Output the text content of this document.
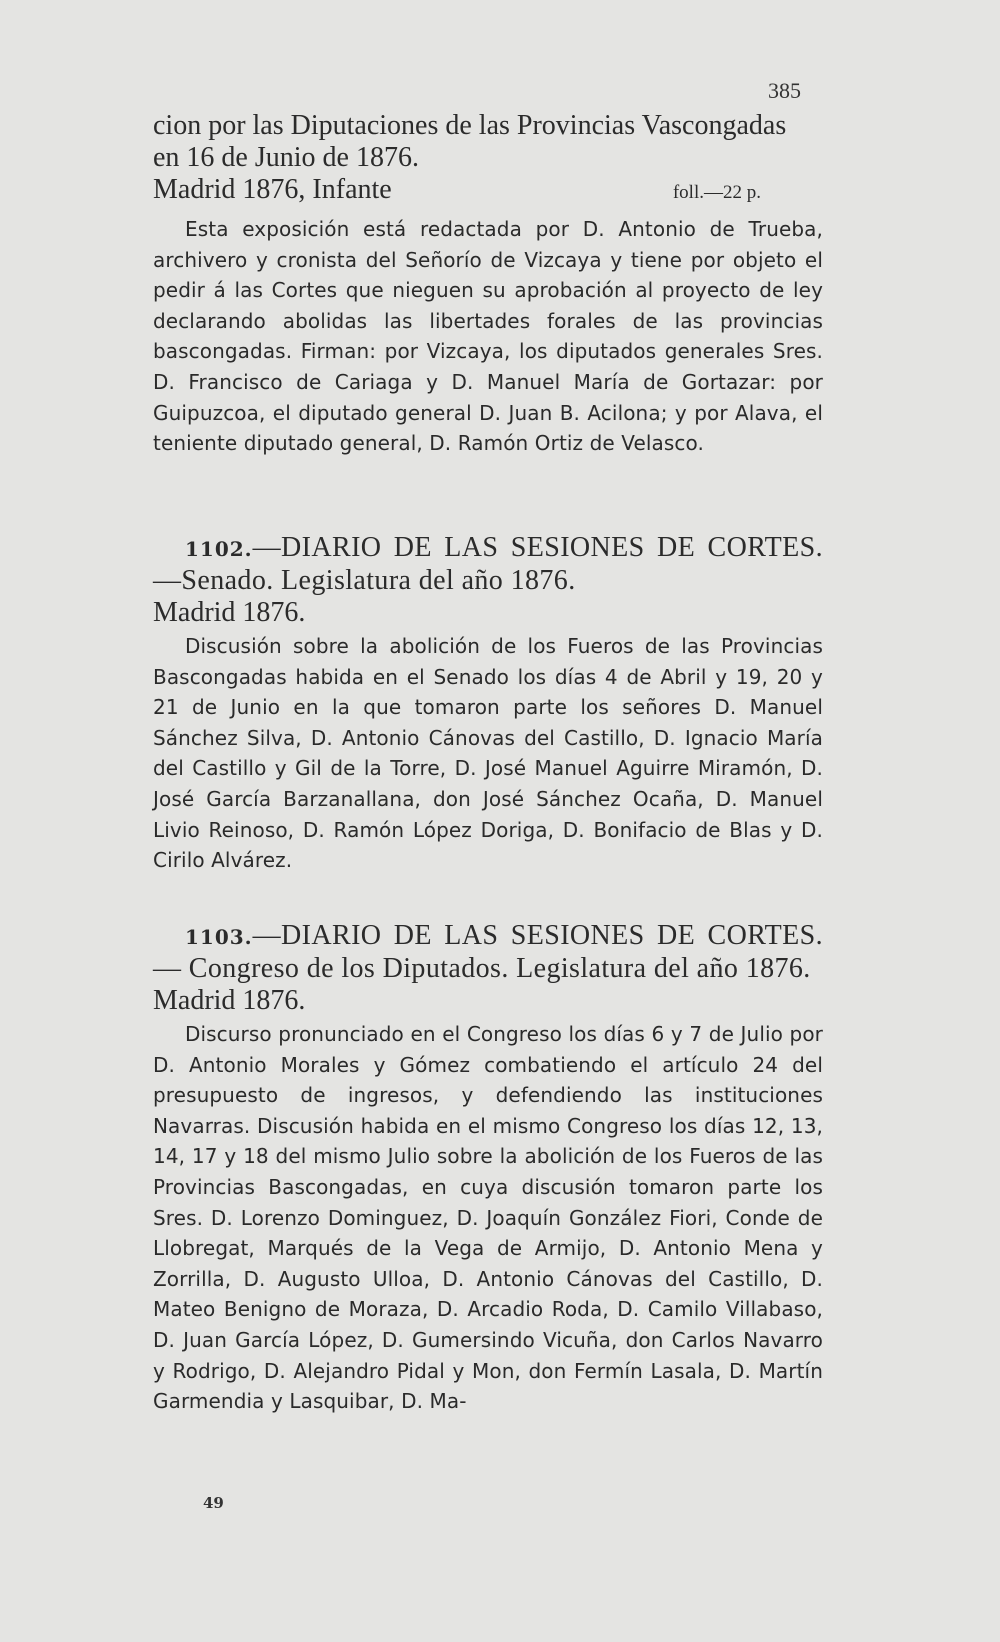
385

cion por las Diputaciones de las Provincias Vascongadas

en 16 de Junio de 1876.

Madrid 1876, Infante	foll.—22 p.

Esta exposición está redactada por D. Antonio de Trueba, archivero y cronista del Señorío de Vizcaya y tiene por objeto el pedir á las Cortes que nieguen su aprobación al proyecto de ley declarando abolidas las libertades forales de las provincias bascongadas. Firman: por Vizcaya, los diputados generales Sres. D. Francisco de Cariaga y D. Manuel María de Gortazar: por Guipuzcoa, el diputado general D. Juan B. Acilona; y por Alava, el teniente diputado general, D. Ramón Ortiz de Velasco.

1102.—DIARIO DE LAS SESIONES DE CORTES.—Senado. Legislatura del año 1876.

Madrid 1876.

Discusión sobre la abolición de los Fueros de las Provincias Bascongadas habida en el Senado los días 4 de Abril y 19, 20 y 21 de Junio en la que tomaron parte los señores D. Manuel Sánchez Silva, D. Antonio Cánovas del Castillo, D. Ignacio María del Castillo y Gil de la Torre, D. José Manuel Aguirre Miramón, D. José García Barzanallana, don José Sánchez Ocaña, D. Manuel Livio Reinoso, D. Ramón López Doriga, D. Bonifacio de Blas y D. Cirilo Alvárez.

1103.—DIARIO DE LAS SESIONES DE CORTES. — Congreso de los Diputados. Legislatura del año 1876.

Madrid 1876.

Discurso pronunciado en el Congreso los días 6 y 7 de Julio por D. Antonio Morales y Gómez combatiendo el artículo 24 del presupuesto de ingresos, y defendiendo las instituciones Navarras. Discusión habida en el mismo Congreso los días 12, 13, 14, 17 y 18 del mismo Julio sobre la abolición de los Fueros de las Provincias Bascongadas, en cuya discusión tomaron parte los Sres. D. Lorenzo Dominguez, D. Joaquín González Fiori, Conde de Llobregat, Marqués de la Vega de Armijo, D. Antonio Mena y Zorrilla, D. Augusto Ulloa, D. Antonio Cánovas del Castillo, D. Mateo Benigno de Moraza, D. Arcadio Roda, D. Camilo Villabaso, D. Juan García López, D. Gumersindo Vicuña, don Carlos Navarro y Rodrigo, D. Alejandro Pidal y Mon, don Fermín Lasala, D. Martín Garmendia y Lasquibar, D. Ma-

49
